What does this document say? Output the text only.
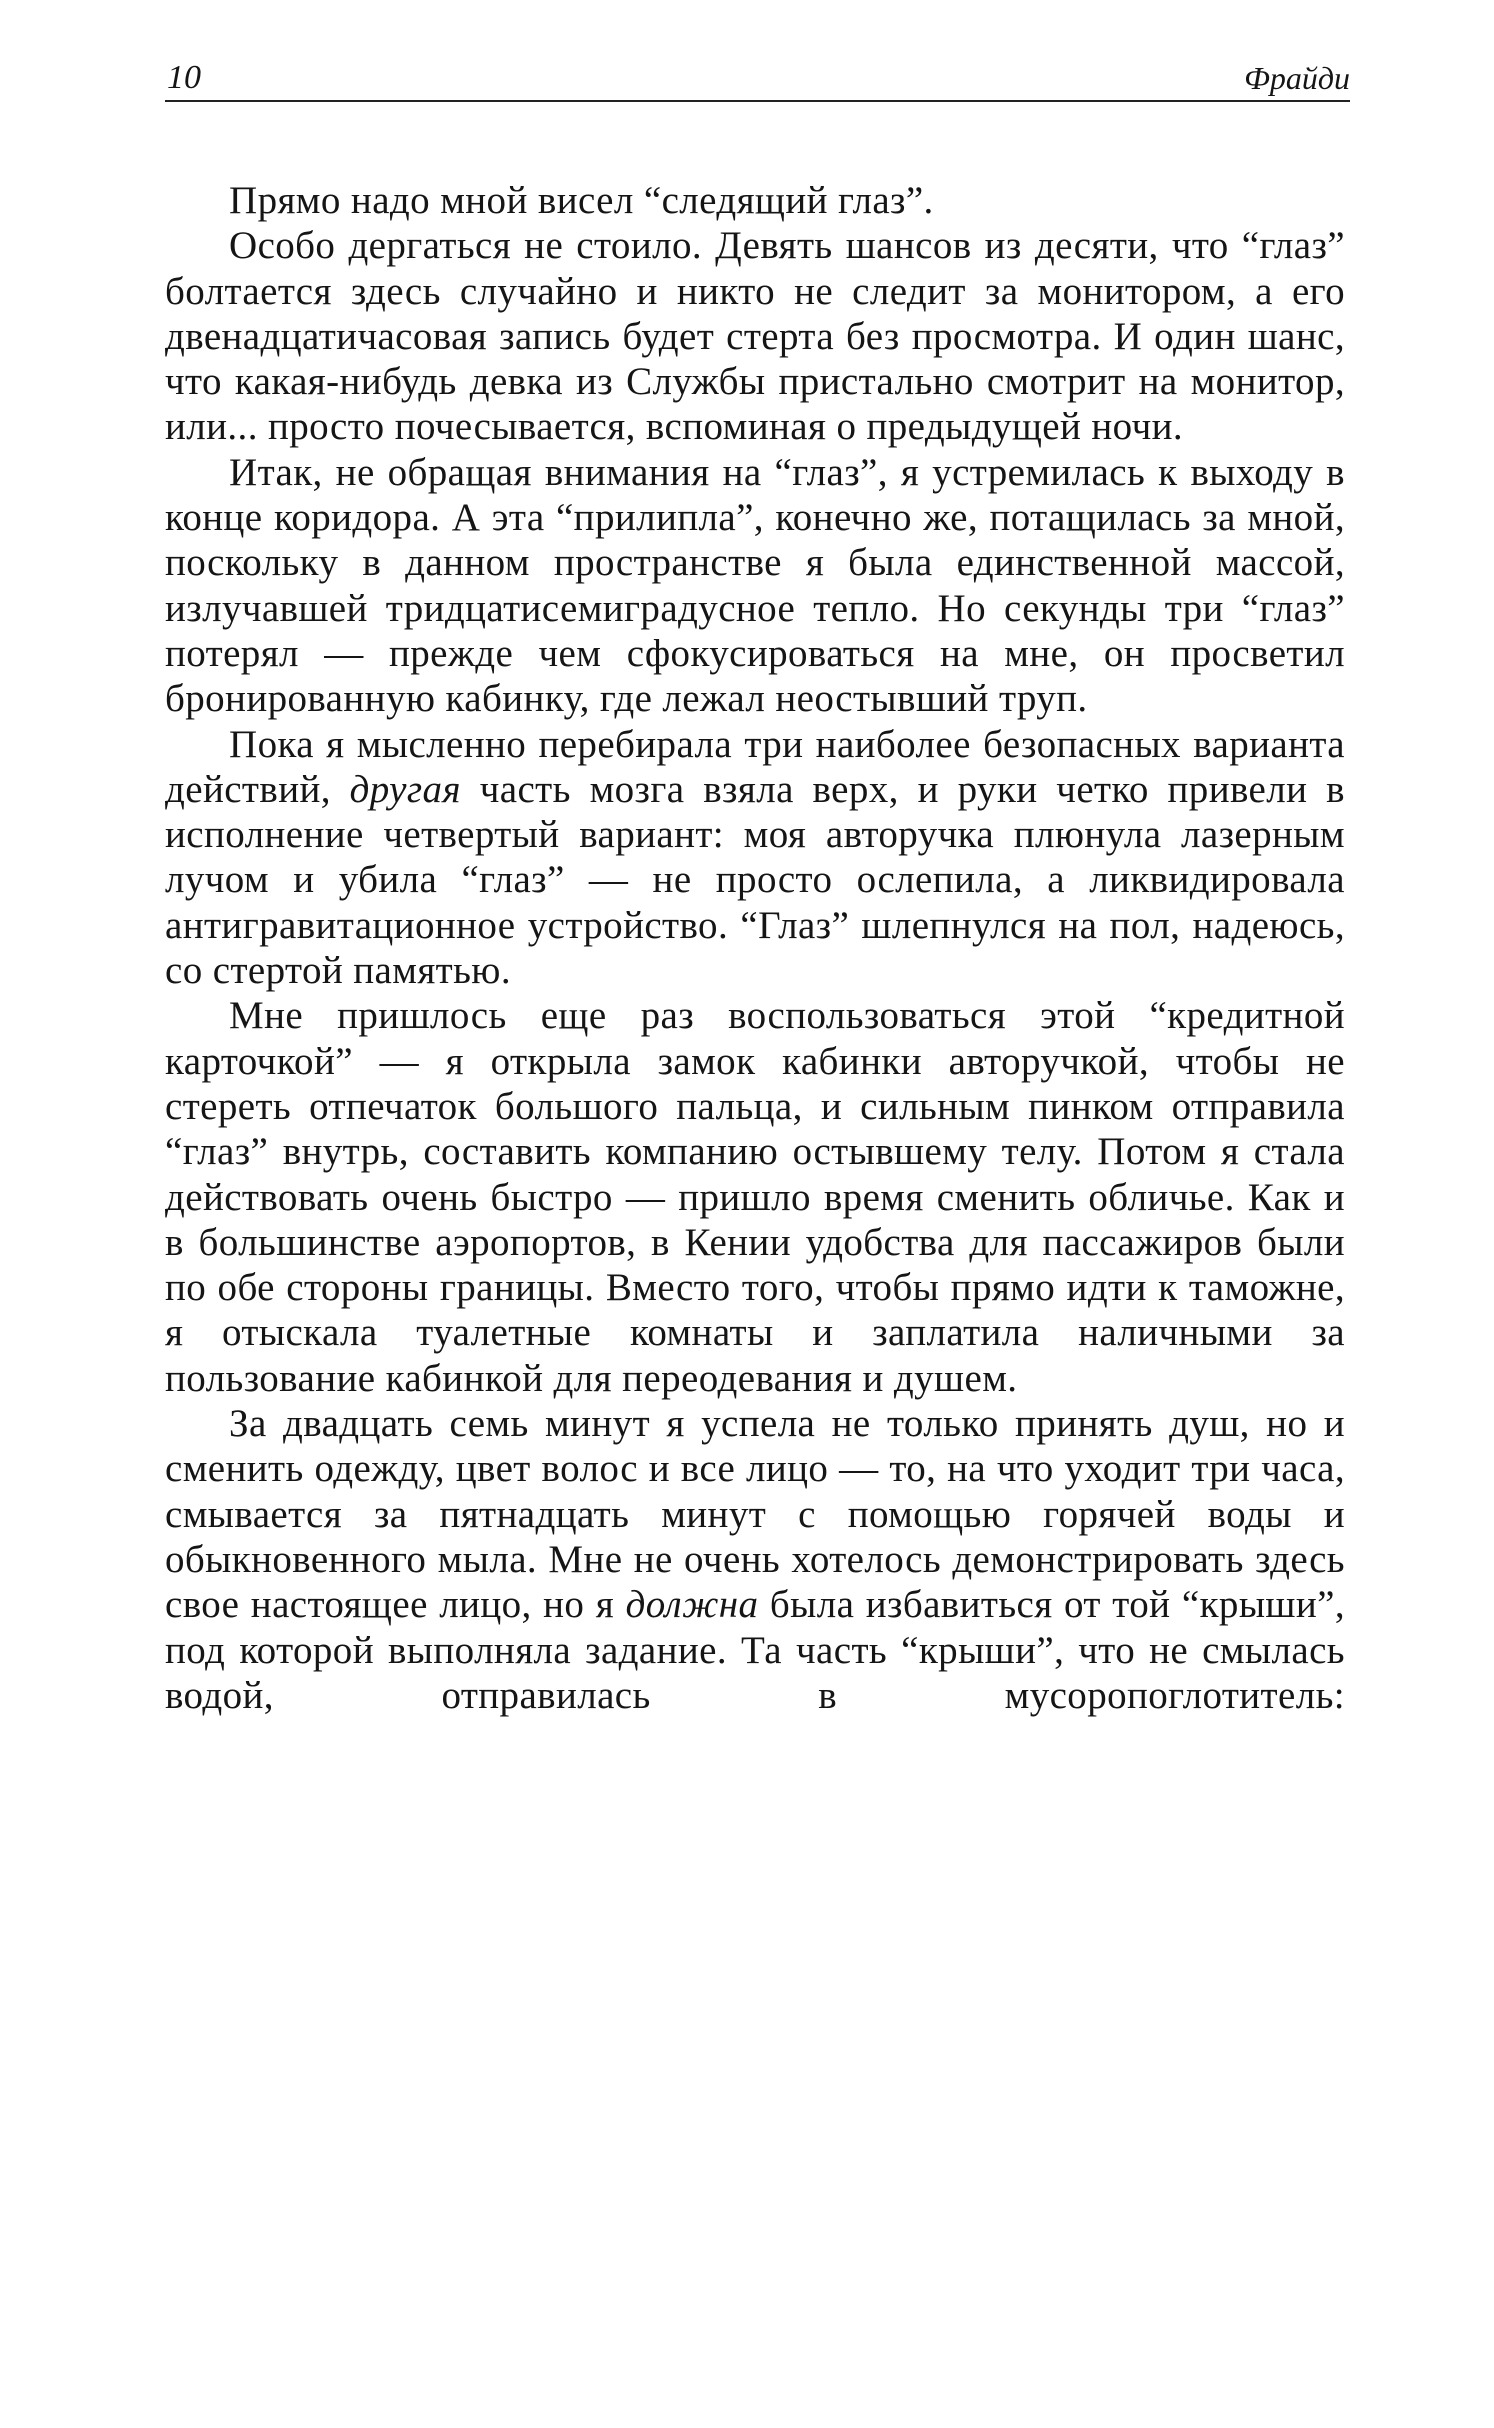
10	Фрайди

Прямо надо мной висел “следящий глаз”.

Особо дергаться не стоило. Девять шансов из десяти, что “глаз” болтается здесь случайно и никто не следит за монитором, а его двенадцатичасовая запись будет стерта без просмотра. И один шанс, что какая-нибудь девка из Службы пристально смотрит на монитор, или... просто почесывается, вспоминая о предыдущей ночи.

Итак, не обращая внимания на “глаз”, я устремилась к выходу в конце коридора. А эта “прилипла”, конечно же, потащилась за мной, поскольку в данном пространстве я была единственной массой, излучавшей тридцатисемиградусное тепло. Но секунды три “глаз” потерял — прежде чем сфокусироваться на мне, он просветил бронированную кабинку, где лежал неостывший труп.

Пока я мысленно перебирала три наиболее безопасных варианта действий, другая часть мозга взяла верх, и руки четко привели в исполнение четвертый вариант: моя авторучка плюнула лазерным лучом и убила “глаз” — не просто ослепила, а ликвидировала антигравитационное устройство. “Глаз” шлепнулся на пол, надеюсь, со стертой памятью.

Мне пришлось еще раз воспользоваться этой “кредитной карточкой” — я открыла замок кабинки авторучкой, чтобы не стереть отпечаток большого пальца, и сильным пинком отправила “глаз” внутрь, составить компанию остывшему телу. Потом я стала действовать очень быстро — пришло время сменить обличье. Как и в большинстве аэропортов, в Кении удобства для пассажиров были по обе стороны границы. Вместо того, чтобы прямо идти к таможне, я отыскала туалетные комнаты и заплатила наличными за пользование кабинкой для переодевания и душем.

За двадцать семь минут я успела не только принять душ, но и сменить одежду, цвет волос и все лицо — то, на что уходит три часа, смывается за пятнадцать минут с помощью горячей воды и обыкновенного мыла. Мне не очень хотелось демонстрировать здесь свое настоящее лицо, но я должна была избавиться от той “крыши”, под которой выполняла задание. Та часть “крыши”, что не смылась водой, отправилась в мусоропоглотитель:
